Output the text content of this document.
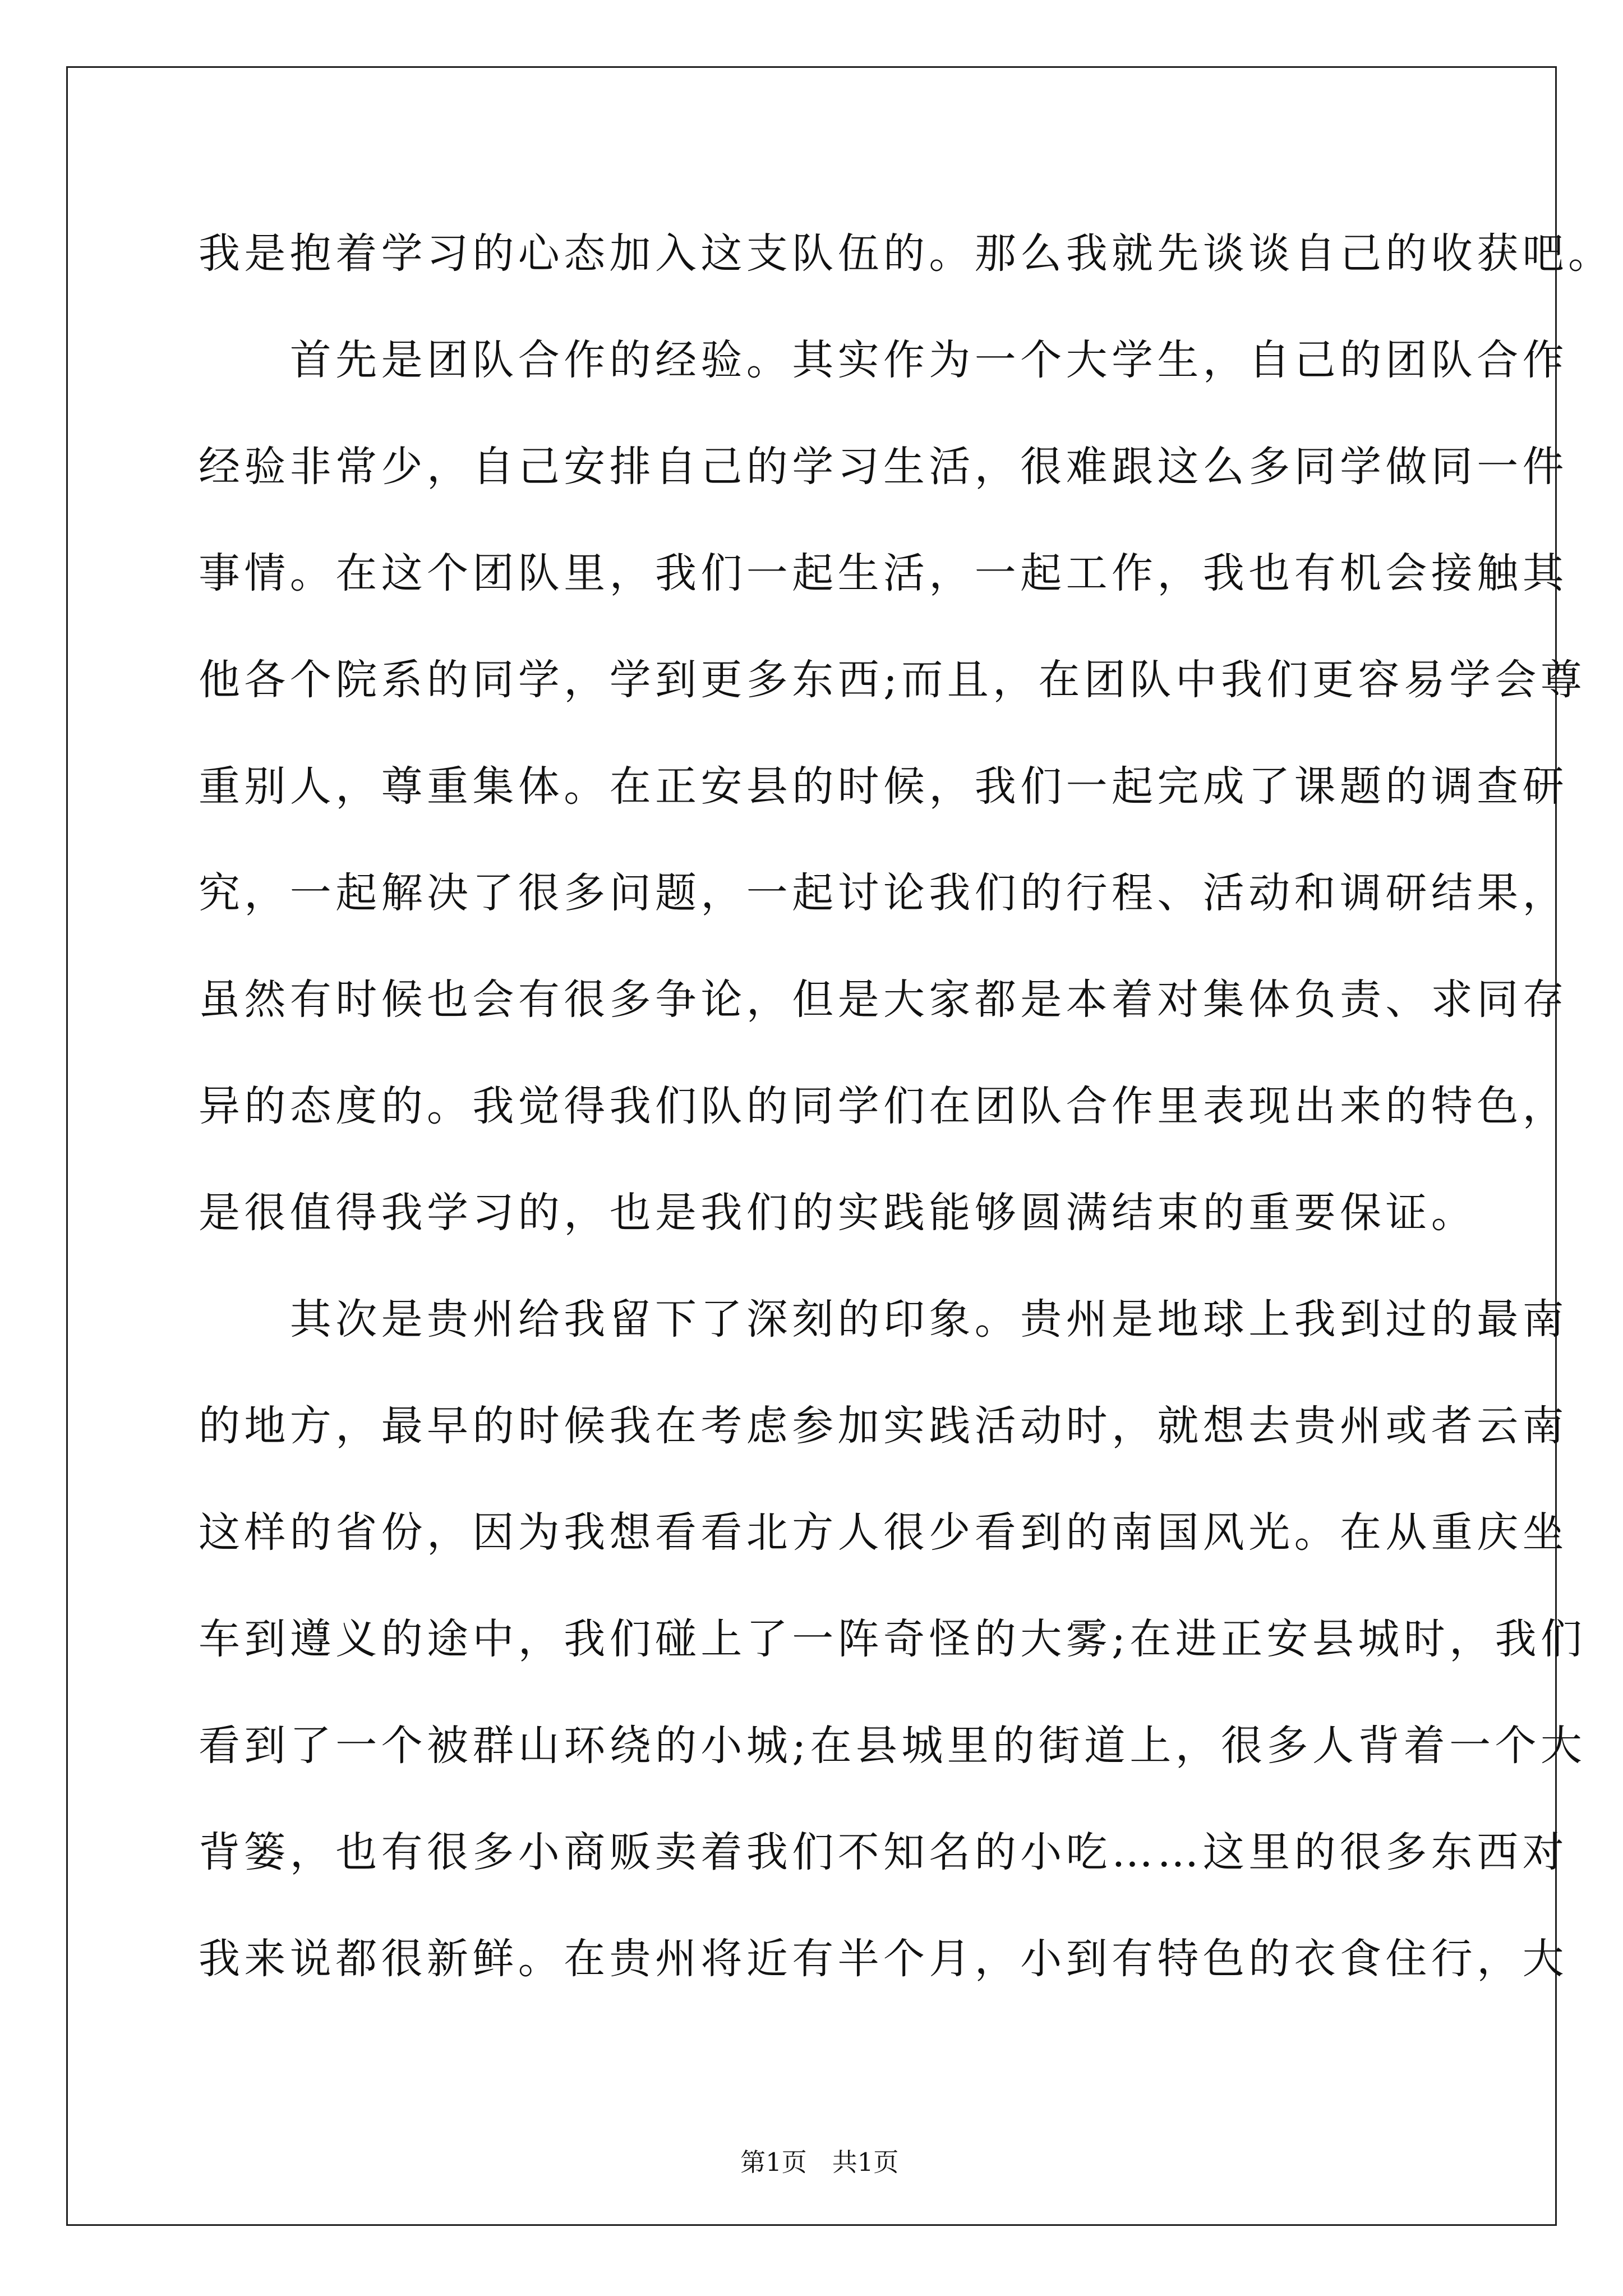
我是抱着学习的心态加入这支队伍的。那么我就先谈谈自己的收获吧。
　　首先是团队合作的经验。其实作为一个大学生，自己的团队合作
经验非常少，自己安排自己的学习生活，很难跟这么多同学做同一件
事情。在这个团队里，我们一起生活，一起工作，我也有机会接触其
他各个院系的同学，学到更多东西;而且，在团队中我们更容易学会尊
重别人，尊重集体。在正安县的时候，我们一起完成了课题的调查研
究，一起解决了很多问题，一起讨论我们的行程、活动和调研结果，
虽然有时候也会有很多争论，但是大家都是本着对集体负责、求同存
异的态度的。我觉得我们队的同学们在团队合作里表现出来的特色，
是很值得我学习的，也是我们的实践能够圆满结束的重要保证。
　　其次是贵州给我留下了深刻的印象。贵州是地球上我到过的最南
的地方，最早的时候我在考虑参加实践活动时，就想去贵州或者云南
这样的省份，因为我想看看北方人很少看到的南国风光。在从重庆坐
车到遵义的途中，我们碰上了一阵奇怪的大雾;在进正安县城时，我们
看到了一个被群山环绕的小城;在县城里的街道上，很多人背着一个大
背篓，也有很多小商贩卖着我们不知名的小吃……这里的很多东西对
我来说都很新鲜。在贵州将近有半个月，小到有特色的衣食住行，大

第1页　共1页
